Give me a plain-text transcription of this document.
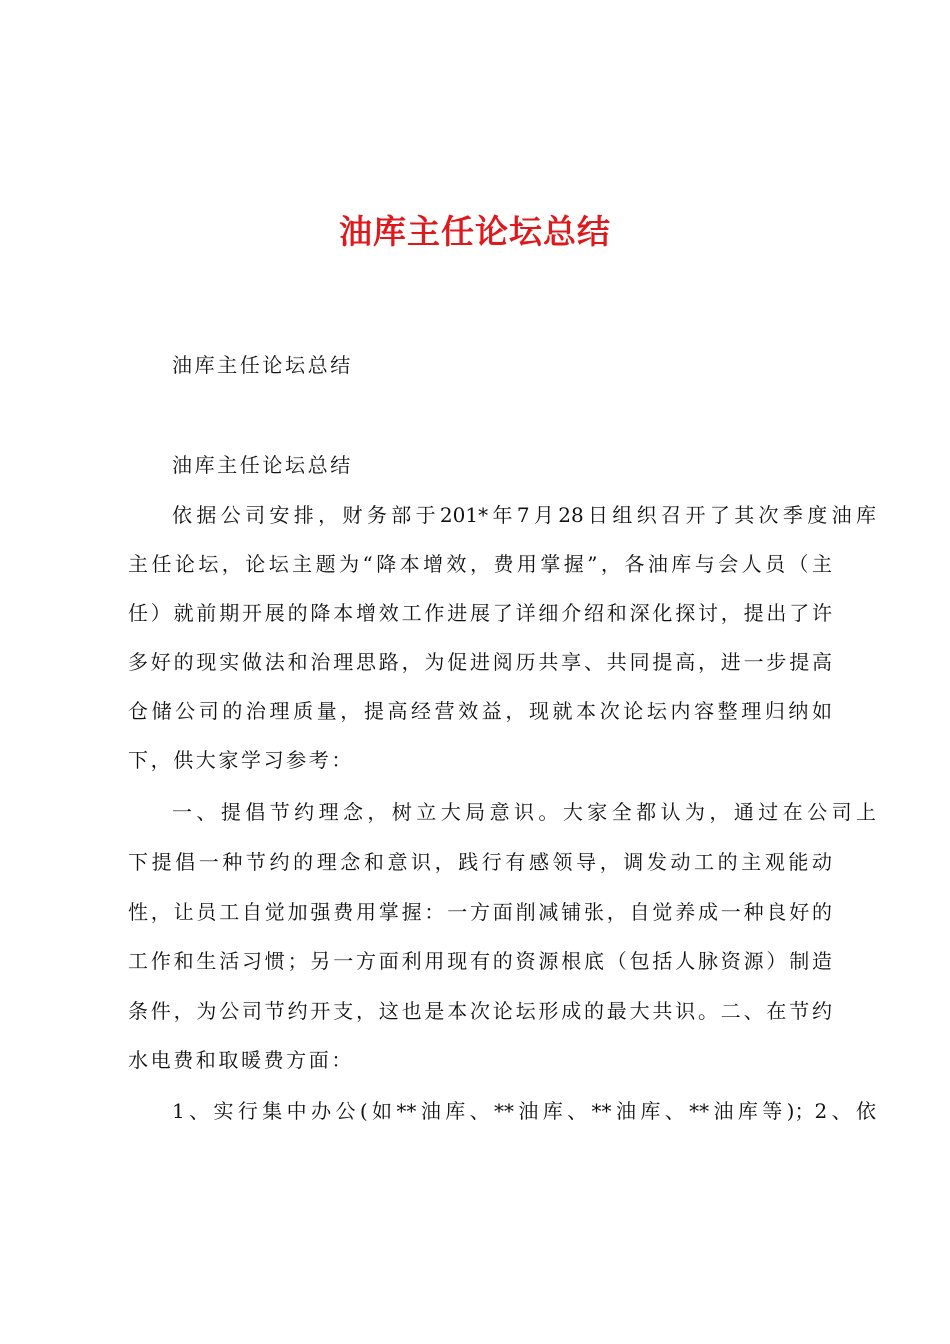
油库主任论坛总结
油库主任论坛总结
油库主任论坛总结
依据公司安排，财务部于201*年7月28日组织召开了其次季度油库
主任论坛，论坛主题为“降本增效，费用掌握”，各油库与会人员（主
任）就前期开展的降本增效工作进展了详细介绍和深化探讨，提出了许
多好的现实做法和治理思路，为促进阅历共享、共同提高，进一步提高
仓储公司的治理质量，提高经营效益，现就本次论坛内容整理归纳如
下，供大家学习参考：
一、提倡节约理念，树立大局意识。大家全都认为，通过在公司上
下提倡一种节约的理念和意识，践行有感领导，调发动工的主观能动
性，让员工自觉加强费用掌握：一方面削减铺张，自觉养成一种良好的
工作和生活习惯；另一方面利用现有的资源根底（包括人脉资源）制造
条件，为公司节约开支，这也是本次论坛形成的最大共识。二、在节约
水电费和取暖费方面：
1、实行集中办公(如**油库、**油库、**油库、**油库等)；2、依
